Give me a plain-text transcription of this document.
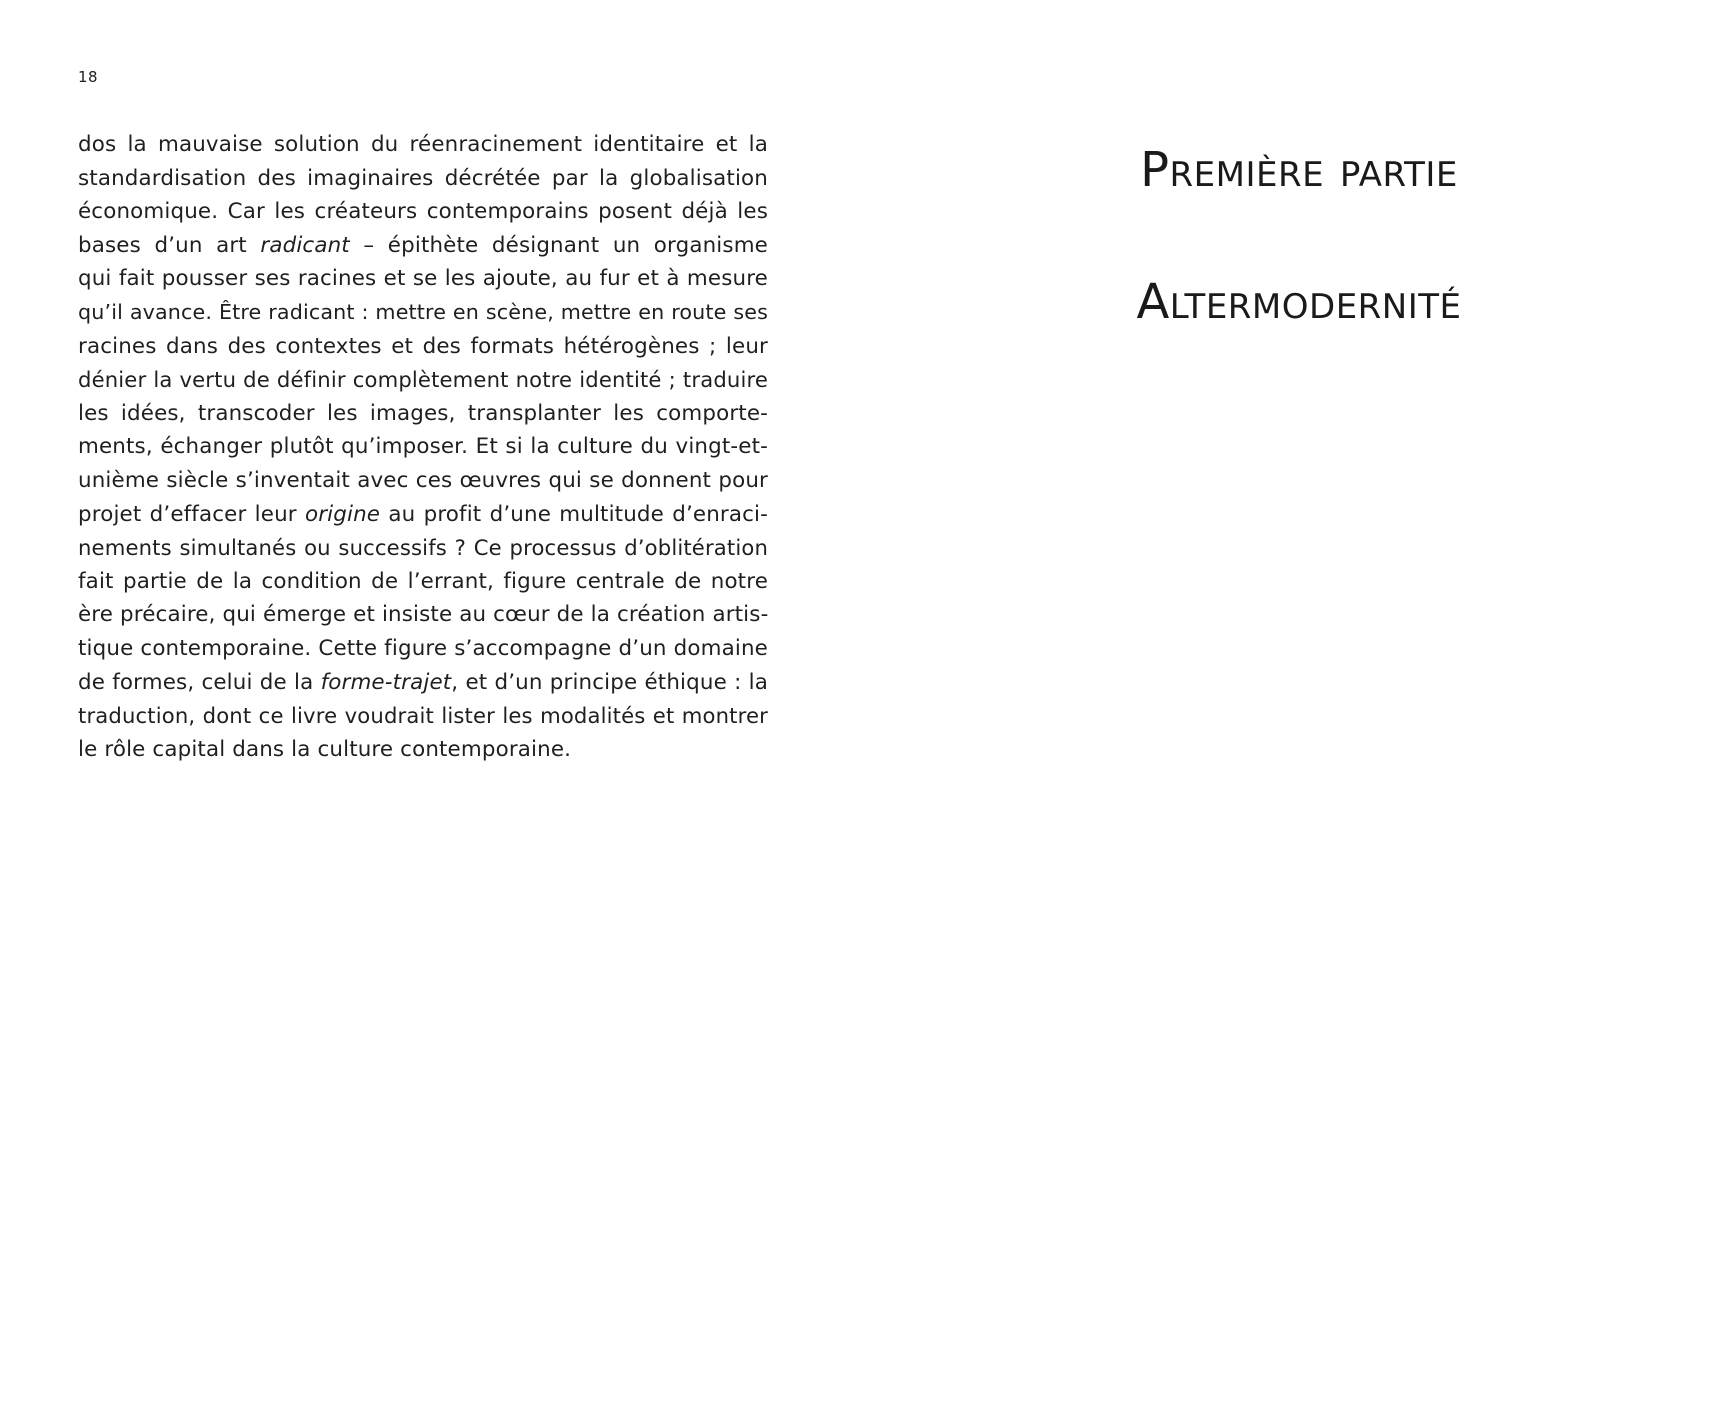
18
dos la mauvaise solution du réenracinement identitaire et la
standardisation des imaginaires décrétée par la globalisation
économique. Car les créateurs contemporains posent déjà les
bases d’un art radicant – épithète désignant un organisme
qui fait pousser ses racines et se les ajoute, au fur et à mesure
qu’il avance. Être radicant : mettre en scène, mettre en route ses
racines dans des contextes et des formats hétérogènes ; leur
dénier la vertu de définir complètement notre identité ; traduire
les idées, transcoder les images, transplanter les comporte-
ments, échanger plutôt qu’imposer. Et si la culture du vingt-et-
unième siècle s’inventait avec ces œuvres qui se donnent pour
projet d’effacer leur origine au profit d’une multitude d’enraci-
nements simultanés ou successifs ? Ce processus d’oblitération
fait partie de la condition de l’errant, figure centrale de notre
ère précaire, qui émerge et insiste au cœur de la création artis-
tique contemporaine. Cette figure s’accompagne d’un domaine
de formes, celui de la forme-trajet, et d’un principe éthique : la
traduction, dont ce livre voudrait lister les modalités et montrer
le rôle capital dans la culture contemporaine.
Première partie
Altermodernité
